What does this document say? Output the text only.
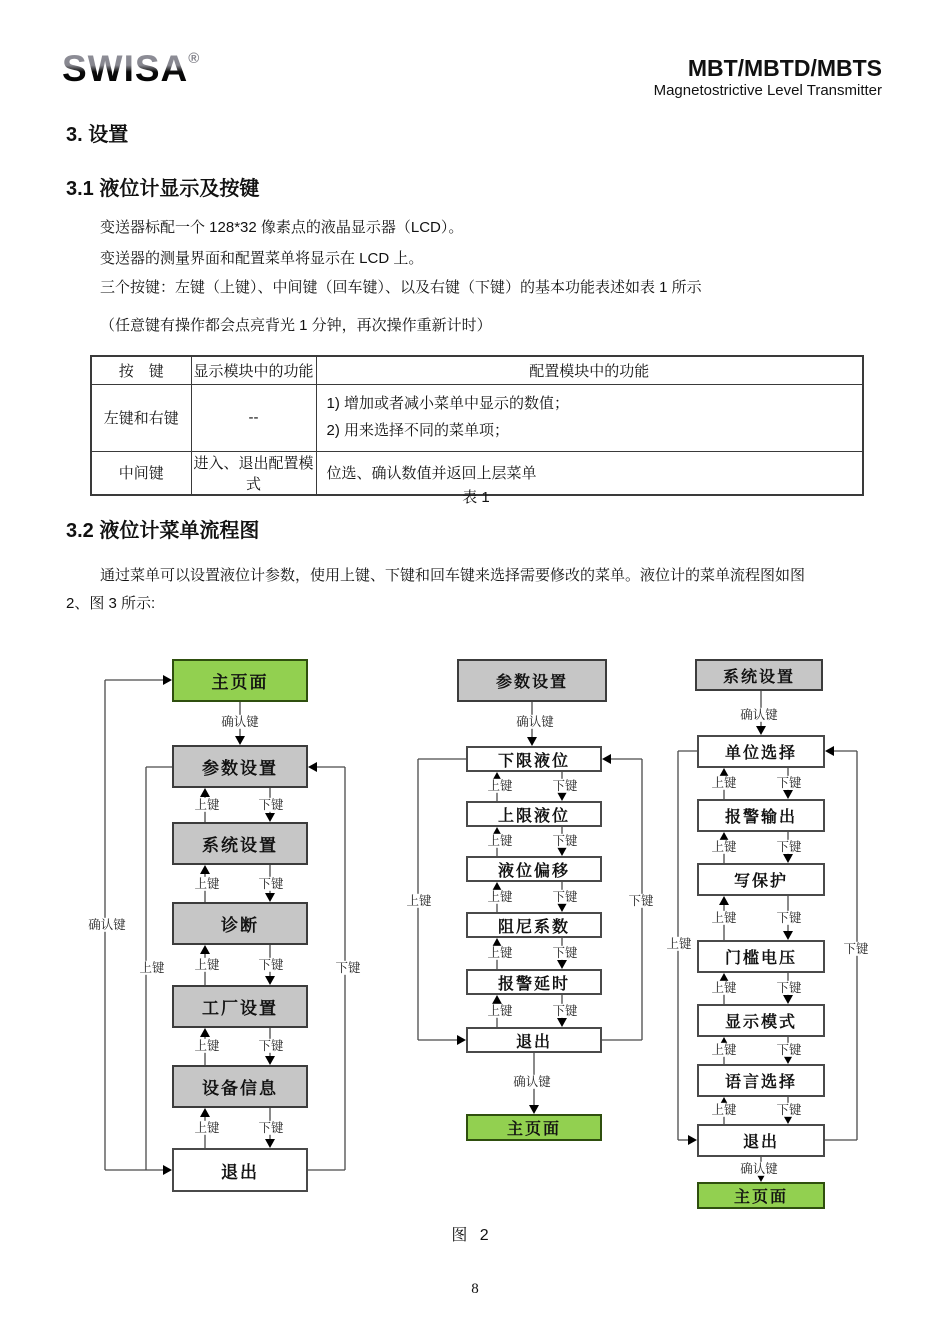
SWISA®	MBT/MBTD/MBTS
Magnetostrictive Level Transmitter
3. 设置
3.1 液位计显示及按键
变送器标配一个 128*32 像素点的液晶显示器（LCD）。
变送器的测量界面和配置菜单将显示在 LCD 上。
三个按键：左键（上键）、中间键（回车键）、以及右键（下键）的基本功能表述如表 1 所示
（任意键有操作都会点亮背光 1 分钟，再次操作重新计时）
按　键	显示模块中的功能	配置模块中的功能
左键和右键	--	1) 增加或者减小菜单中显示的数值；
2) 用来选择不同的菜单项；

中间键	进入、退出配置模式	位选、确认数值并返回上层菜单
表 1
3.2 液位计菜单流程图
通过菜单可以设置液位计参数，使用上键、下键和回车键来选择需要修改的菜单。液位计的菜单流程图如图
2、图 3 所示:
主页面
参数设置
系统设置
诊断
工厂设置
设备信息
退出
参数设置
下限液位
上限液位
液位偏移
阻尼系数
报警延时
退出
主页面
系统设置
单位选择
报警输出
写保护
门槛电压
显示模式
语言选择
退出
主页面
确认键
上键	下键
上键	下键
上键	下键
上键	下键
上键	下键
确认键
上键	下键
确认键
上键	下键
上键	下键
上键	下键
上键	下键
上键	下键
确认键
上键	下键
确认键
上键	下键
上键	下键
上键	下键
上键	下键
上键	下键
上键	下键
确认键
上键	下键
图 2
8
